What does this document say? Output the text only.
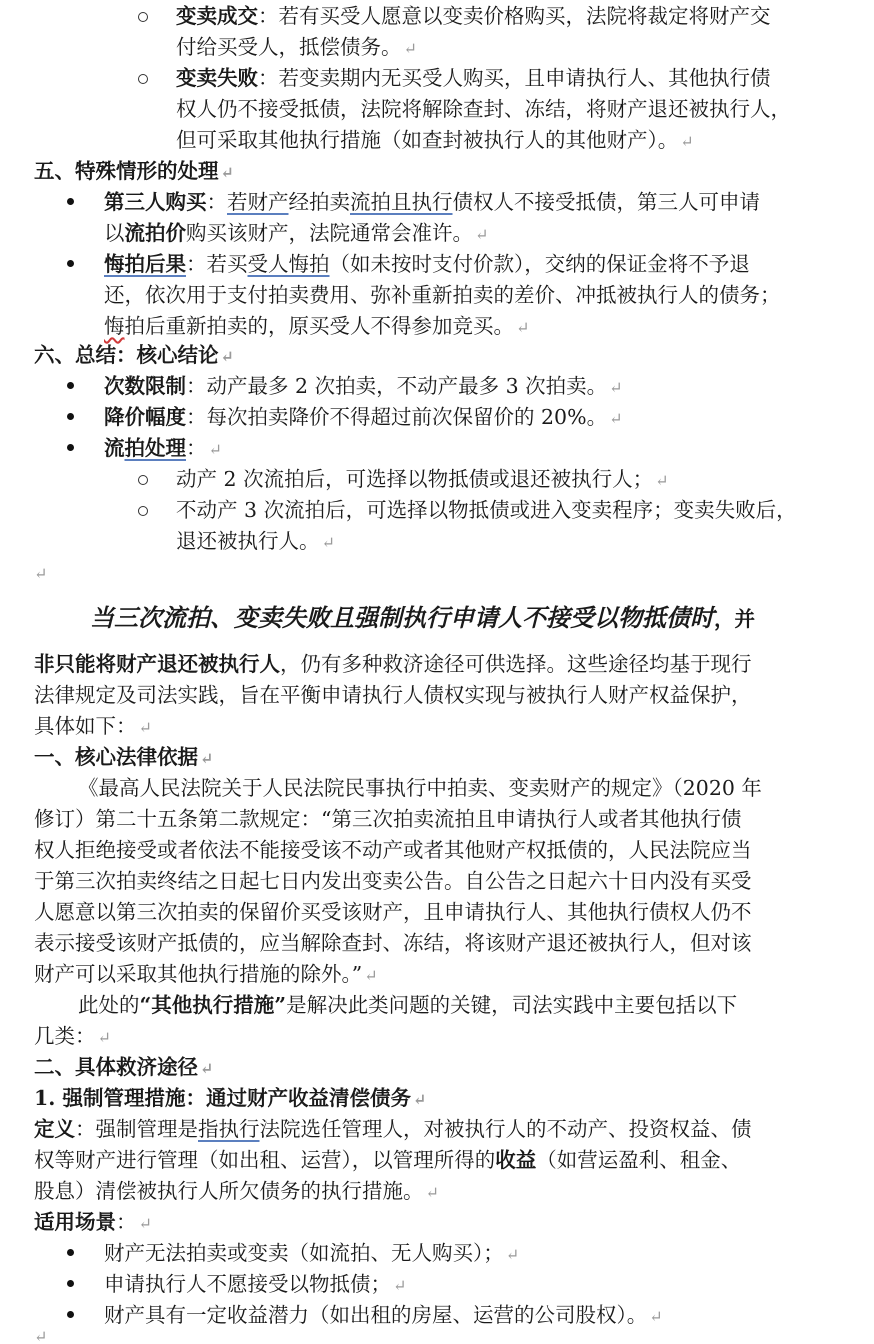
变卖成交：若有买受人愿意以变卖价格购买，法院将裁定将财产交
付给买受人，抵偿债务。 ↵
变卖失败：若变卖期内无买受人购买，且申请执行人、其他执行债
权人仍不接受抵债，法院将解除查封、冻结，将财产退还被执行人，
但可采取其他执行措施（如查封被执行人的其他财产）。 ↵
五、特殊情形的处理 ↵
第三人购买：若财产经拍卖流拍且执行债权人不接受抵债，第三人可申请
以流拍价购买该财产，法院通常会准许。 ↵
悔拍后果：若买受人悔拍（如未按时支付价款），交纳的保证金将不予退
还，依次用于支付拍卖费用、弥补重新拍卖的差价、冲抵被执行人的债务；
悔拍后重新拍卖的，原买受人不得参加竞买。 ↵
六、总结：核心结论 ↵
次数限制：动产最多 2 次拍卖，不动产最多 3 次拍卖。 ↵
降价幅度：每次拍卖降价不得超过前次保留价的 20%。 ↵
流拍处理： ↵
动产 2 次流拍后，可选择以物抵债或退还被执行人； ↵
不动产 3 次流拍后，可选择以物抵债或进入变卖程序；变卖失败后，
退还被执行人。 ↵
↵
当三次流拍、变卖失败且强制执行申请人不接受以物抵债时，并
非只能将财产退还被执行人，仍有多种救济途径可供选择。这些途径均基于现行
法律规定及司法实践，旨在平衡申请执行人债权实现与被执行人财产权益保护，
具体如下： ↵
一、核心法律依据 ↵
《最高人民法院关于人民法院民事执行中拍卖、变卖财产的规定》（2020 年
修订）第二十五条第二款规定：“第三次拍卖流拍且申请执行人或者其他执行债
权人拒绝接受或者依法不能接受该不动产或者其他财产权抵债的，人民法院应当
于第三次拍卖终结之日起七日内发出变卖公告。自公告之日起六十日内没有买受
人愿意以第三次拍卖的保留价买受该财产，且申请执行人、其他执行债权人仍不
表示接受该财产抵债的，应当解除查封、冻结，将该财产退还被执行人，但对该
财产可以采取其他执行措施的除外。” ↵
此处的“其他执行措施”是解决此类问题的关键，司法实践中主要包括以下
几类： ↵
二、具体救济途径 ↵
1. 强制管理措施：通过财产收益清偿债务 ↵
定义：强制管理是指执行法院选任管理人，对被执行人的不动产、投资权益、债
权等财产进行管理（如出租、运营），以管理所得的收益（如营运盈利、租金、
股息）清偿被执行人所欠债务的执行措施。 ↵
适用场景： ↵
财产无法拍卖或变卖（如流拍、无人购买）； ↵
申请执行人不愿接受以物抵债； ↵
财产具有一定收益潜力（如出租的房屋、运营的公司股权）。 ↵
↵
